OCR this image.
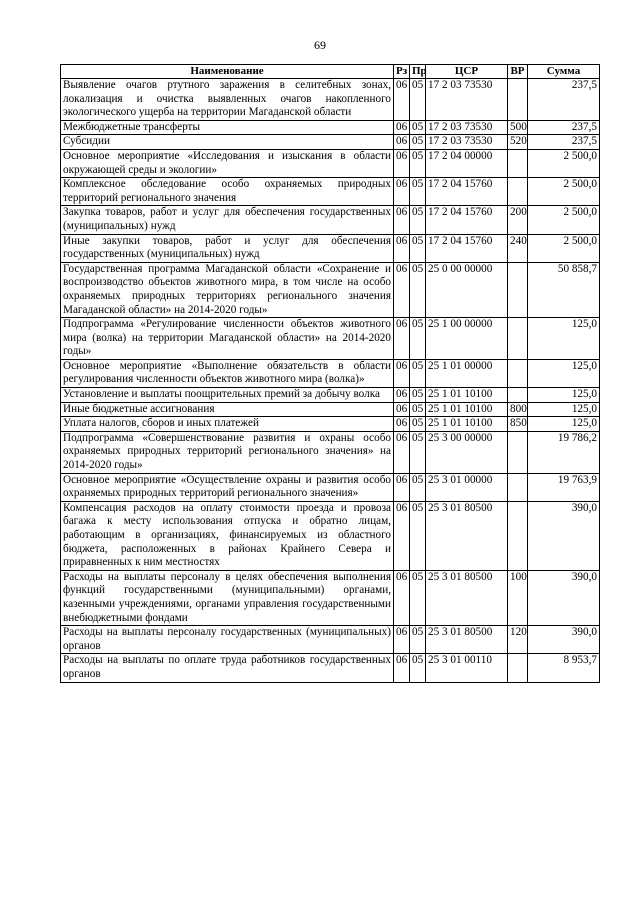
69
Наименование	Рз	Пр	ЦСР	ВР	Сумма
Выявление очагов ртутного заражения в селитебных зонах, локализация и очистка выявленных очагов накопленного экологического ущерба на территории Магаданской области	06	05	17 2 03 73530		237,5
Межбюджетные трансферты	06	05	17 2 03 73530	500	237,5
Субсидии	06	05	17 2 03 73530	520	237,5
Основное мероприятие «Исследования и изыскания в области окружающей среды и экологии»	06	05	17 2 04 00000		2 500,0
Комплексное обследование особо охраняемых природных территорий регионального значения	06	05	17 2 04 15760		2 500,0
Закупка товаров, работ и услуг для обеспечения государственных (муниципальных) нужд	06	05	17 2 04 15760	200	2 500,0
Иные закупки товаров, работ и услуг для обеспечения государственных (муниципальных) нужд	06	05	17 2 04 15760	240	2 500,0
Государственная программа Магаданской области «Сохранение и воспроизводство объектов животного мира, в том числе на особо охраняемых природных территориях регионального значения Магаданской области» на 2014-2020 годы»	06	05	25 0 00 00000		50 858,7
Подпрограмма «Регулирование численности объектов животного мира (волка) на территории Магаданской области» на 2014-2020 годы»	06	05	25 1 00 00000		125,0
Основное мероприятие «Выполнение обязательств в области регулирования численности объектов животного мира (волка)»	06	05	25 1 01 00000		125,0
Установление и выплаты поощрительных премий за добычу волка	06	05	25 1 01 10100		125,0
Иные бюджетные ассигнования	06	05	25 1 01 10100	800	125,0
Уплата налогов, сборов и иных платежей	06	05	25 1 01 10100	850	125,0
Подпрограмма «Совершенствование развития и охраны особо охраняемых природных территорий регионального значения» на 2014-2020 годы»	06	05	25 3 00 00000		19 786,2
Основное мероприятие «Осуществление охраны и развития особо охраняемых природных территорий регионального значения»	06	05	25 3 01 00000		19 763,9
Компенсация расходов на оплату стоимости проезда и провоза багажа к месту использования отпуска и обратно лицам, работающим в организациях, финансируемых из областного бюджета, расположенных в районах Крайнего Севера и приравненных к ним местностях	06	05	25 3 01 80500		390,0
Расходы на выплаты персоналу в целях обеспечения выполнения функций государственными (муниципальными) органами, казенными учреждениями, органами управления государственными внебюджетными фондами	06	05	25 3 01 80500	100	390,0
Расходы на выплаты персоналу государственных (муниципальных) органов	06	05	25 3 01 80500	120	390,0
Расходы на выплаты по оплате труда работников государственных органов	06	05	25 3 01 00110		8 953,7
